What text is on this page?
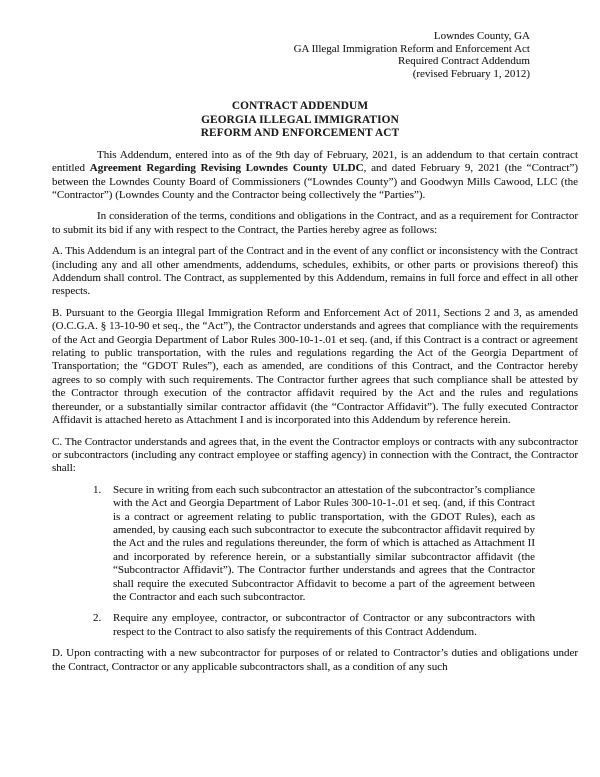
Lowndes County, GA
GA Illegal Immigration Reform and Enforcement Act
Required Contract Addendum
(revised February 1, 2012)
CONTRACT ADDENDUM
GEORGIA ILLEGAL IMMIGRATION
REFORM AND ENFORCEMENT ACT

This Addendum, entered into as of the 9th day of February, 2021, is an addendum to that certain contract entitled Agreement Regarding Revising Lowndes County ULDC, and dated February 9, 2021 (the “Contract”) between the Lowndes County Board of Commissioners (“Lowndes County”) and Goodwyn Mills Cawood, LLC (the “Contractor”) (Lowndes County and the Contractor being collectively the “Parties”).

In consideration of the terms, conditions and obligations in the Contract, and as a requirement for Contractor to submit its bid if any with respect to the Contract, the Parties hereby agree as follows:

A. This Addendum is an integral part of the Contract and in the event of any conflict or inconsistency with the Contract (including any and all other amendments, addendums, schedules, exhibits, or other parts or provisions thereof) this Addendum shall control. The Contract, as supplemented by this Addendum, remains in full force and effect in all other respects.

B. Pursuant to the Georgia Illegal Immigration Reform and Enforcement Act of 2011, Sections 2 and 3, as amended (O.C.G.A. § 13-10-90 et seq., the “Act”), the Contractor understands and agrees that compliance with the requirements of the Act and Georgia Department of Labor Rules 300-10-1-.01 et seq. (and, if this Contract is a contract or agreement relating to public transportation, with the rules and regulations regarding the Act of the Georgia Department of Transportation; the “GDOT Rules”), each as amended, are conditions of this Contract, and the Contractor hereby agrees to so comply with such requirements. The Contractor further agrees that such compliance shall be attested by the Contractor through execution of the contractor affidavit required by the Act and the rules and regulations thereunder, or a substantially similar contractor affidavit (the “Contractor Affidavit”). The fully executed Contractor Affidavit is attached hereto as Attachment I and is incorporated into this Addendum by reference herein.

C. The Contractor understands and agrees that, in the event the Contractor employs or contracts with any subcontractor or subcontractors (including any contract employee or staffing agency) in connection with the Contract, the Contractor shall:

1.	Secure in writing from each such subcontractor an attestation of the subcontractor’s compliance with the Act and Georgia Department of Labor Rules 300-10-1-.01 et seq. (and, if this Contract is a contract or agreement relating to public transportation, with the GDOT Rules), each as amended, by causing each such subcontractor to execute the subcontractor affidavit required by the Act and the rules and regulations thereunder, the form of which is attached as Attachment II and incorporated by reference herein, or a substantially similar subcontractor affidavit (the “Subcontractor Affidavit”). The Contractor further understands and agrees that the Contractor shall require the executed Subcontractor Affidavit to become a part of the agreement between the Contractor and each such subcontractor.
2.	Require any employee, contractor, or subcontractor of Contractor or any subcontractors with respect to the Contract to also satisfy the requirements of this Contract Addendum.

D. Upon contracting with a new subcontractor for purposes of or related to Contractor’s duties and obligations under the Contract, Contractor or any applicable subcontractors shall, as a condition of any such
